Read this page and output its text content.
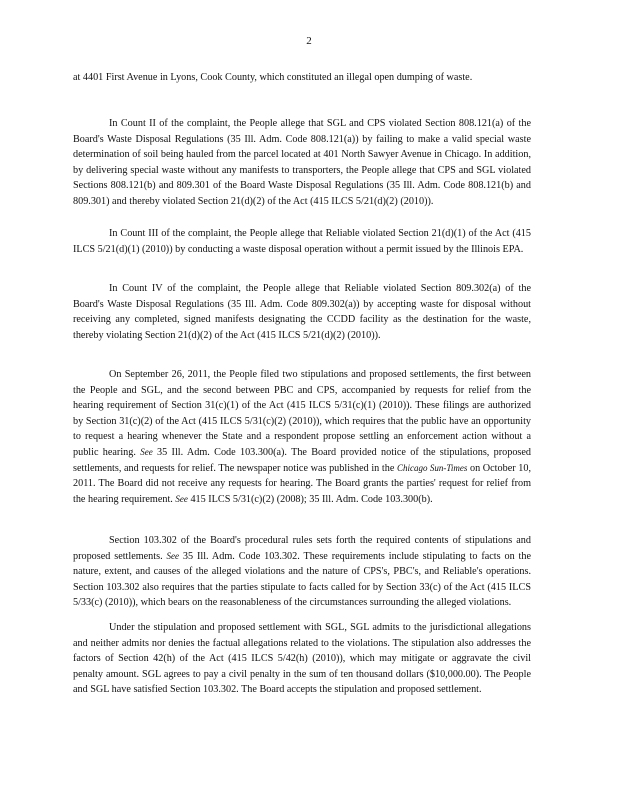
2

at 4401 First Avenue in Lyons, Cook County, which constituted an illegal open dumping of waste.

In Count II of the complaint, the People allege that SGL and CPS violated Section 808.121(a) of the Board's Waste Disposal Regulations (35 Ill. Adm. Code 808.121(a)) by failing to make a valid special waste determination of soil being hauled from the parcel located at 401 North Sawyer Avenue in Chicago. In addition, by delivering special waste without any manifests to transporters, the People allege that CPS and SGL violated Sections 808.121(b) and 809.301 of the Board Waste Disposal Regulations (35 Ill. Adm. Code 808.121(b) and 809.301) and thereby violated Section 21(d)(2) of the Act (415 ILCS 5/21(d)(2) (2010)).

In Count III of the complaint, the People allege that Reliable violated Section 21(d)(1) of the Act (415 ILCS 5/21(d)(1) (2010)) by conducting a waste disposal operation without a permit issued by the Illinois EPA.

In Count IV of the complaint, the People allege that Reliable violated Section 809.302(a) of the Board's Waste Disposal Regulations (35 Ill. Adm. Code 809.302(a)) by accepting waste for disposal without receiving any completed, signed manifests designating the CCDD facility as the destination for the waste, thereby violating Section 21(d)(2) of the Act (415 ILCS 5/21(d)(2) (2010)).

On September 26, 2011, the People filed two stipulations and proposed settlements, the first between the People and SGL, and the second between PBC and CPS, accompanied by requests for relief from the hearing requirement of Section 31(c)(1) of the Act (415 ILCS 5/31(c)(1) (2010)). These filings are authorized by Section 31(c)(2) of the Act (415 ILCS 5/31(c)(2) (2010)), which requires that the public have an opportunity to request a hearing whenever the State and a respondent propose settling an enforcement action without a public hearing. See 35 Ill. Adm. Code 103.300(a). The Board provided notice of the stipulations, proposed settlements, and requests for relief. The newspaper notice was published in the Chicago Sun-Times on October 10, 2011. The Board did not receive any requests for hearing. The Board grants the parties' request for relief from the hearing requirement. See 415 ILCS 5/31(c)(2) (2008); 35 Ill. Adm. Code 103.300(b).

Section 103.302 of the Board's procedural rules sets forth the required contents of stipulations and proposed settlements. See 35 Ill. Adm. Code 103.302. These requirements include stipulating to facts on the nature, extent, and causes of the alleged violations and the nature of CPS's, PBC's, and Reliable's operations. Section 103.302 also requires that the parties stipulate to facts called for by Section 33(c) of the Act (415 ILCS 5/33(c) (2010)), which bears on the reasonableness of the circumstances surrounding the alleged violations.

Under the stipulation and proposed settlement with SGL, SGL admits to the jurisdictional allegations and neither admits nor denies the factual allegations related to the violations. The stipulation also addresses the factors of Section 42(h) of the Act (415 ILCS 5/42(h) (2010)), which may mitigate or aggravate the civil penalty amount. SGL agrees to pay a civil penalty in the sum of ten thousand dollars ($10,000.00). The People and SGL have satisfied Section 103.302. The Board accepts the stipulation and proposed settlement.
